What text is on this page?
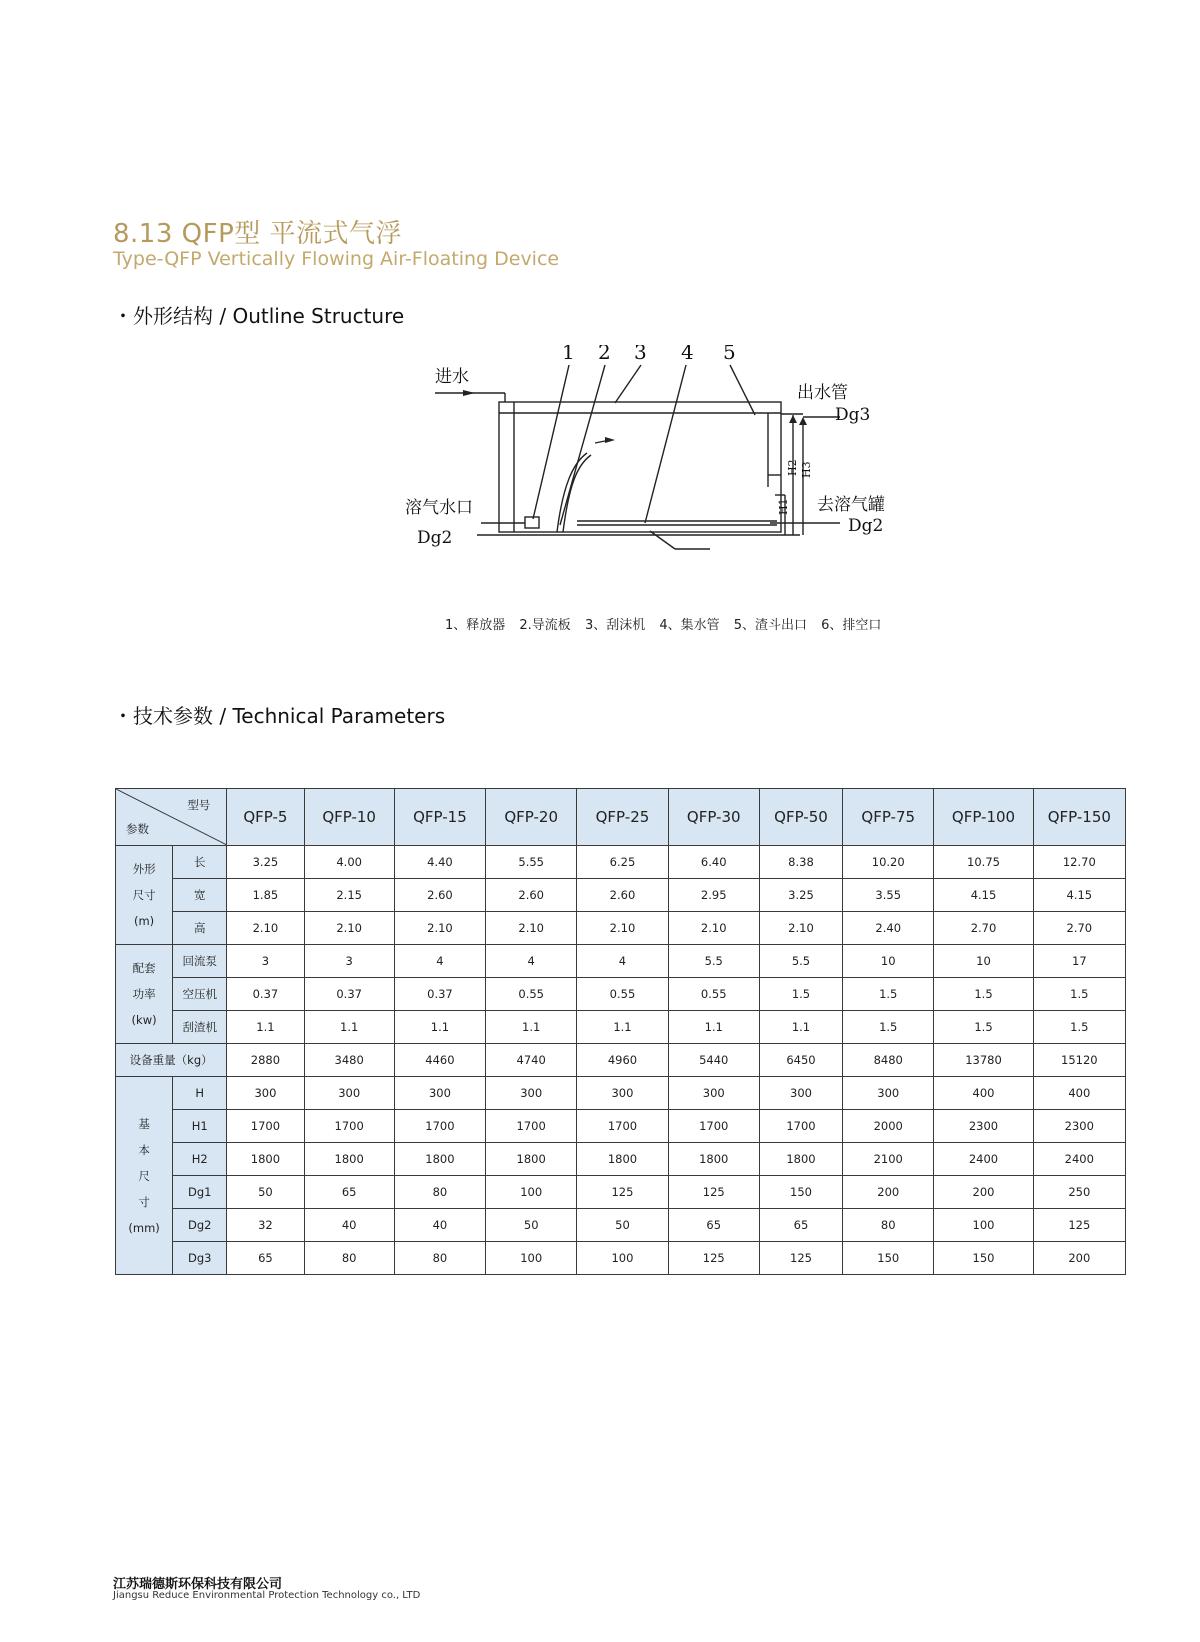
8.13 QFP型 平流式气浮
Type-QFP Vertically Flowing Air-Floating Device
・外形结构 / Outline Structure
1 2 3 4 5
进水
出水管
Dg3
溶气水口
Dg2
去溶气罐
Dg2
H1
H2 H3
1、释放器 2.导流板 3、刮沫机 4、集水管 5、渣斗出口 6、排空口
・技术参数 / Technical Parameters
型号
参数		QFP-5	QFP-10	QFP-15	QFP-20	QFP-25	QFP-30	QFP-50	QFP-75	QFP-100	QFP-150
外形
尺寸
(m)	长	3.25	4.00	4.40	5.55	6.25	6.40	8.38	10.20	10.75	12.70
	宽	1.85	2.15	2.60	2.60	2.60	2.95	3.25	3.55	4.15	4.15
	高	2.10	2.10	2.10	2.10	2.10	2.10	2.10	2.40	2.70	2.70
配套
功率
(kw)	回流泵	3	3	4	4	4	5.5	5.5	10	10	17
	空压机	0.37	0.37	0.37	0.55	0.55	0.55	1.5	1.5	1.5	1.5
	刮渣机	1.1	1.1	1.1	1.1	1.1	1.1	1.1	1.5	1.5	1.5
设备重量（kg）		2880	3480	4460	4740	4960	5440	6450	8480	13780	15120
基
本
尺
寸
(mm)	H	300	300	300	300	300	300	300	300	400	400
	H1	1700	1700	1700	1700	1700	1700	1700	2000	2300	2300
	H2	1800	1800	1800	1800	1800	1800	1800	2100	2400	2400
	Dg1	50	65	80	100	125	125	150	200	200	250
	Dg2	32	40	40	50	50	65	65	80	100	125
	Dg3	65	80	80	100	100	125	125	150	150	200
江苏瑞德斯环保科技有限公司
Jiangsu Reduce Environmental Protection Technology co., LTD
